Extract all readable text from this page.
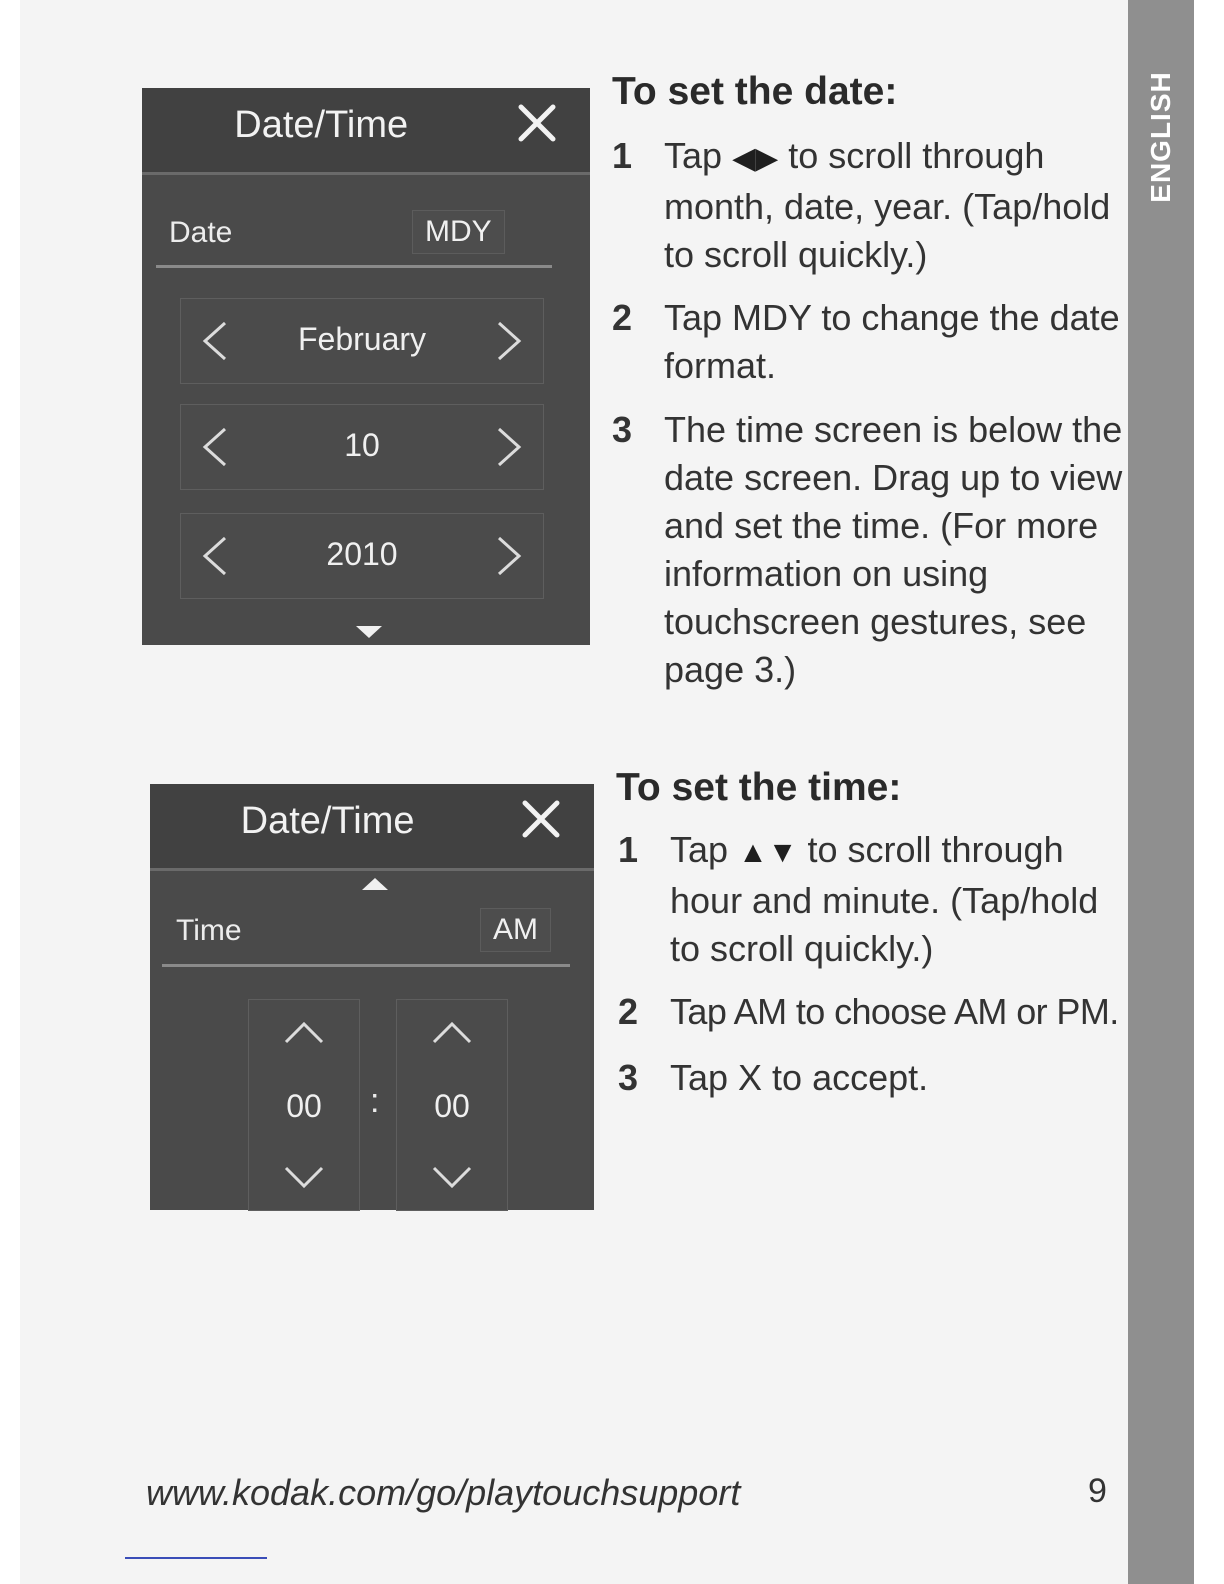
ENGLISH
Date/Time
Date	MDY
February
10
2010
Date/Time
Time	AM
00	:	00
To set the date:
1 Tap ◀▶ to scroll through
month, date, year. (Tap/hold
to scroll quickly.)
2 Tap MDY to change the date
format.
3 The time screen is below the
date screen. Drag up to view
and set the time. (For more
information on using
touchscreen gestures, see
page 3.)
To set the time:
1 Tap ▲▼ to scroll through
hour and minute. (Tap/hold
to scroll quickly.)
2 Tap AM to choose AM or PM.
3 Tap X to accept.
www.kodak.com/go/playtouchsupport	9
